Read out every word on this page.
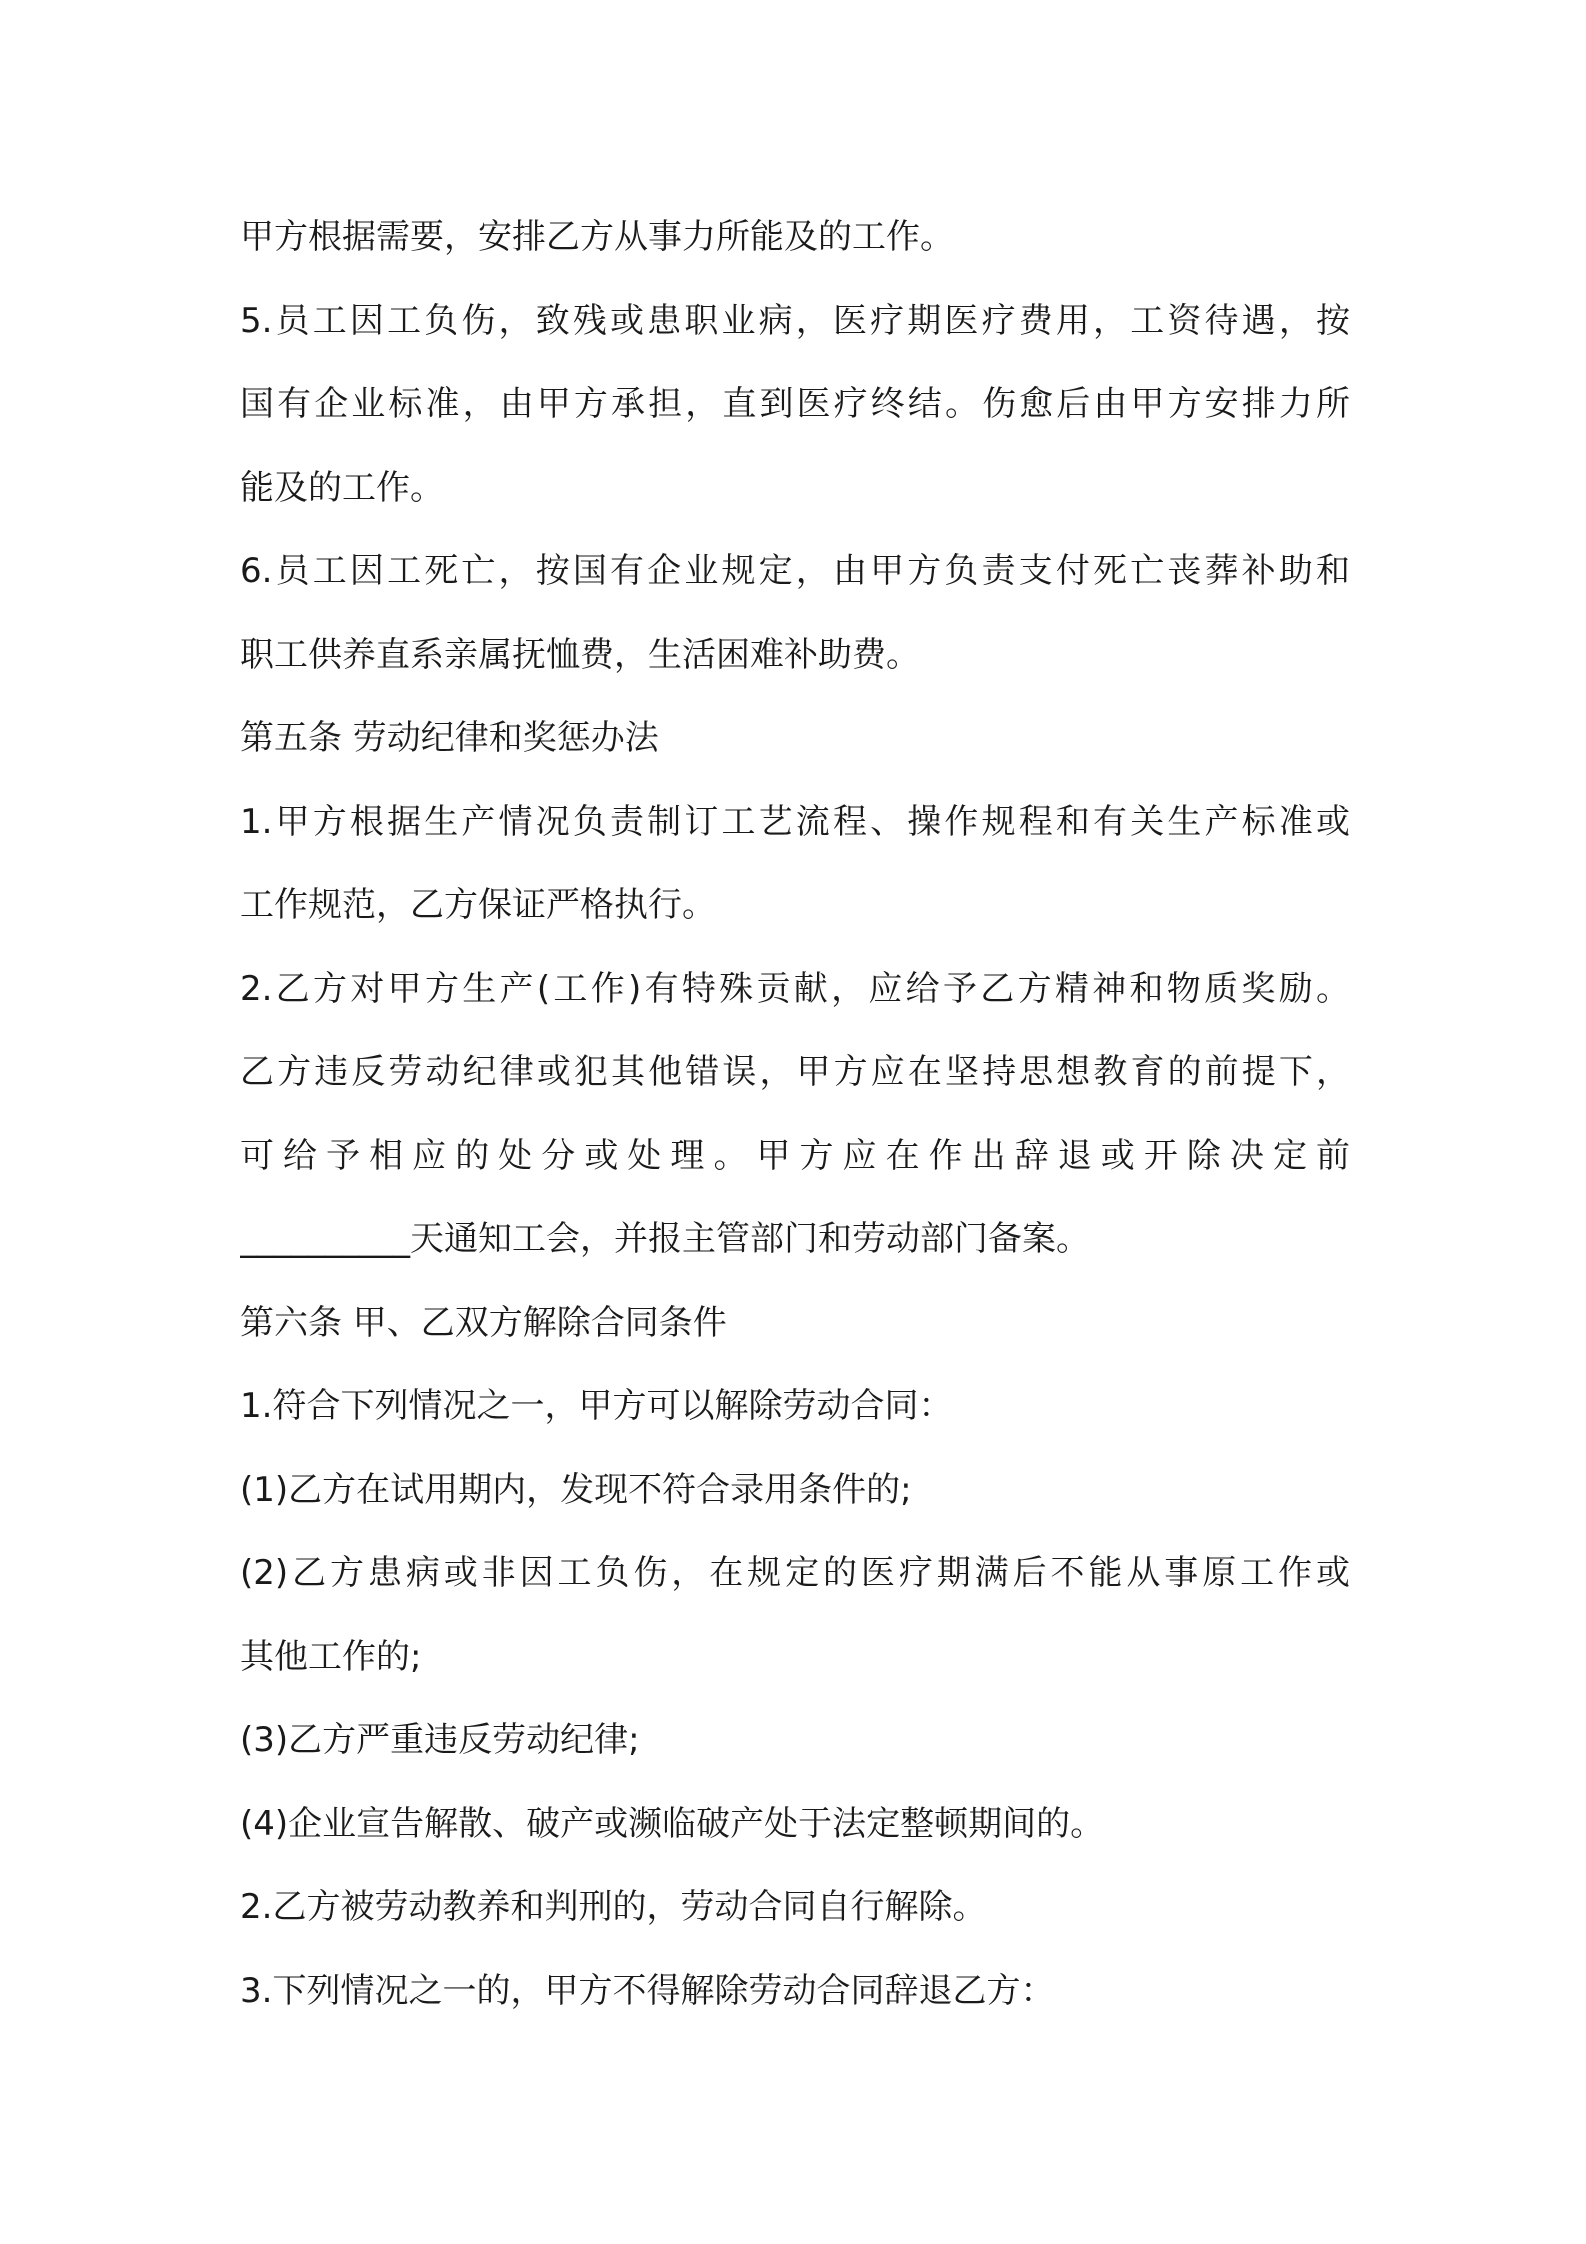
甲方根据需要，安排乙方从事力所能及的工作。
5.员工因工负伤，致残或患职业病，医疗期医疗费用，工资待遇，按
国有企业标准，由甲方承担，直到医疗终结。伤愈后由甲方安排力所
能及的工作。
6.员工因工死亡，按国有企业规定，由甲方负责支付死亡丧葬补助和
职工供养直系亲属抚恤费，生活困难补助费。
第五条 劳动纪律和奖惩办法
1.甲方根据生产情况负责制订工艺流程、操作规程和有关生产标准或
工作规范，乙方保证严格执行。
2.乙方对甲方生产(工作)有特殊贡献，应给予乙方精神和物质奖励。
乙方违反劳动纪律或犯其他错误，甲方应在坚持思想教育的前提下，
可给予相应的处分或处理。甲方应在作出辞退或开除决定前
__________天通知工会，并报主管部门和劳动部门备案。
第六条 甲、乙双方解除合同条件
1.符合下列情况之一，甲方可以解除劳动合同：
(1)乙方在试用期内，发现不符合录用条件的;
(2)乙方患病或非因工负伤，在规定的医疗期满后不能从事原工作或
其他工作的;
(3)乙方严重违反劳动纪律;
(4)企业宣告解散、破产或濒临破产处于法定整顿期间的。
2.乙方被劳动教养和判刑的，劳动合同自行解除。
3.下列情况之一的，甲方不得解除劳动合同辞退乙方：
